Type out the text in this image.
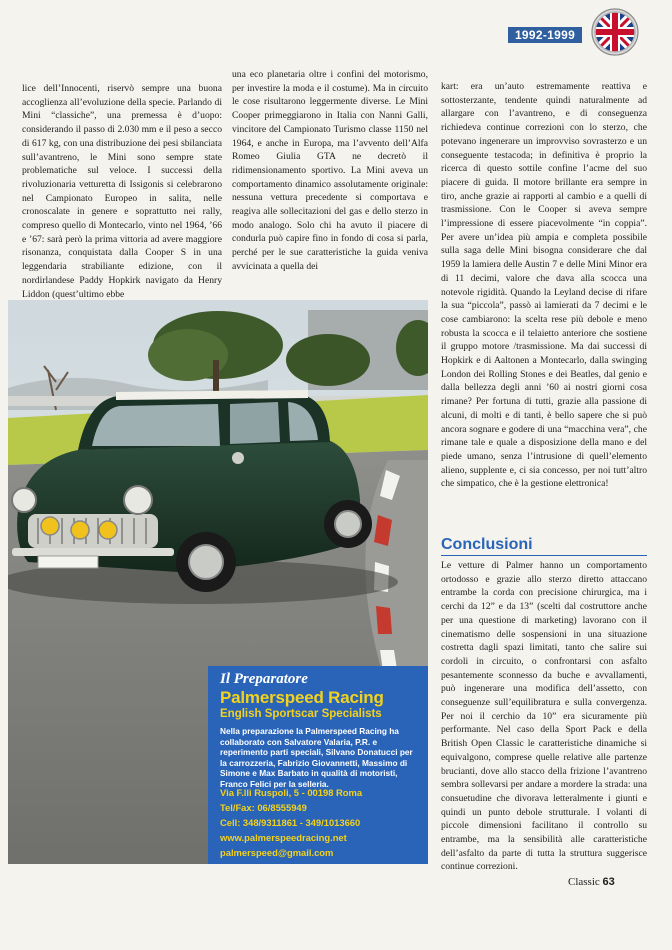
1992-1999

lice dell’Innocenti, riservò sempre una buona accoglienza all’evoluzione della specie. Parlando di Mini “classiche”, una premessa è d’uopo: considerando il passo di 2.030 mm e il peso a secco di 617 kg, con una distribuzione dei pesi sbilanciata sull’avantreno, le Mini sono sempre state problematiche sul veloce. I successi della rivoluzionaria vetturetta di Issigonis si celebrarono nel Campionato Europeo in salita, nelle cronoscalate in genere e soprattutto nei rally, compreso quello di Montecarlo, vinto nel 1964, ’66 e ’67: sarà però la prima vittoria ad avere maggiore risonanza, conquistata dalla Cooper S in una leggendaria strabiliante edizione, con il nordirlandese Paddy Hopkirk navigato da Henry Liddon (quest’ultimo ebbe

una eco planetaria oltre i confini del motorismo, per investire la moda e il costume). Ma in circuito le cose risultarono leggermente diverse. Le Mini Cooper primeggiarono in Italia con Nanni Galli, vincitore del Campionato Turismo classe 1150 nel 1964, e anche in Europa, ma l’avvento dell’Alfa Romeo Giulia GTA ne decretò il ridimensionamento sportivo. La Mini aveva un comportamento dinamico assolutamente originale: nessuna vettura precedente si comportava e reagiva alle sollecitazioni del gas e dello sterzo in modo analogo. Solo chi ha avuto il piacere di condurla può capire fino in fondo di cosa si parla, perché per le sue caratteristiche la guida veniva avvicinata a quella dei

kart: era un’auto estremamente reattiva e sottosterzante, tendente quindi naturalmente ad allargare con l’avantreno, e di conseguenza richiedeva continue correzioni con lo sterzo, che potevano ingenerare un improvviso sovrasterzo e un conseguente testacoda; in definitiva è proprio la ricerca di questo sottile confine l’acme del suo piacere di guida. Il motore brillante era sempre in tiro, anche grazie ai rapporti al cambio e a quelli di trasmissione. Con le Cooper si aveva sempre l’impressione di essere piacevolmente “in coppia”. Per avere un’idea più ampia e completa possibile sulla saga delle Mini bisogna considerare che dal 1959 la lamiera delle Austin 7 e delle Mini Minor era di 11 decimi, valore che dava alla scocca una notevole rigidità. Quando la Leyland decise di rifare la sua “piccola”, passò ai lamierati da 7 decimi e le cose cambiarono: la scelta rese più debole e meno robusta la scocca e il telaietto anteriore che sostiene il gruppo motore /trasmissione. Ma dai successi di Hopkirk e di Aaltonen a Montecarlo, dalla swinging London dei Rolling Stones e dei Beatles, dal genio e dalla bellezza degli anni ’60 ai nostri giorni cosa rimane? Per fortuna di tutti, grazie alla passione di alcuni, di molti e di tanti, è bello sapere che si può ancora sognare e godere di una “macchina vera”, che rimane tale e quale a disposizione della mano e del piede umano, senza l’intrusione di quell’elemento alieno, supplente e, ci sia concesso, per noi tutt’altro che simpatico, che è la gestione elettronica!

Il Preparatore
Palmerspeed Racing
English Sportscar Specialists
Nella preparazione la Palmerspeed Racing ha collaborato con Salvatore Valaria, P.R. e reperimento parti speciali, Silvano Donatucci per la carrozzeria, Fabrizio Giovannetti, Massimo di Simone e Max Barbato in qualità di motoristi, Franco Felici per la selleria.
Via F.lli Ruspoli, 5 - 00198 Roma
Tel/Fax: 06/8555949
Cell: 348/9311861 - 349/1013660
www.palmerspeedracing.net
palmerspeed@gmail.com
Conclusioni

Le vetture di Palmer hanno un comportamento ortodosso e grazie allo sterzo diretto attaccano entrambe la corda con precisione chirurgica, ma i cerchi da 12” e da 13” (scelti dal costruttore anche per una questione di marketing) lavorano con il cinematismo delle sospensioni in una situazione costretta dagli spazi limitati, tanto che salire sui cordoli in circuito, o confrontarsi con asfalto pesantemente sconnesso da buche e avvallamenti, può ingenerare una modifica dell’assetto, con conseguenze sull’equilibratura e sulla convergenza. Per noi il cerchio da 10” era sicuramente più performante. Nel caso della Sport Pack e della British Open Classic le caratteristiche dinamiche si equivalgono, comprese quelle relative alle partenze brucianti, dove allo stacco della frizione l’avantreno sembra sollevarsi per andare a mordere la strada: una consuetudine che divorava letteralmente i giunti e quindi un punto debole strutturale. I volanti di piccole dimensioni facilitano il controllo su entrambe, ma la sensibilità alle caratteristiche dell’asfalto da parte di tutta la struttura suggerisce continue correzioni.

Classic 63
